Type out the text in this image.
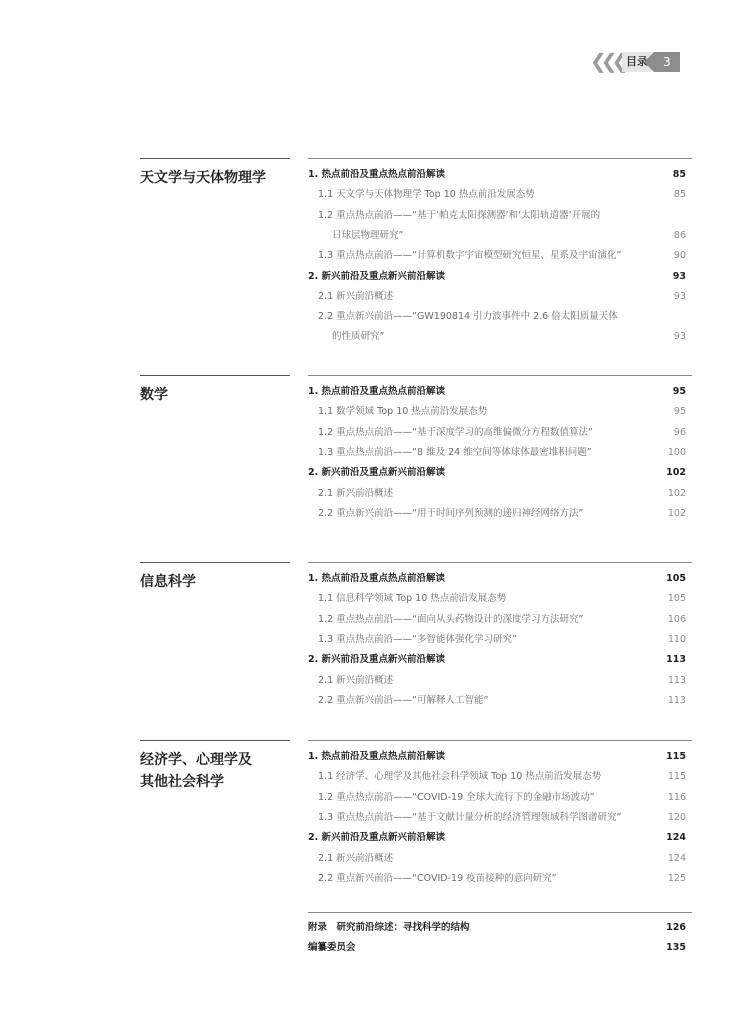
❮❮❮ 目录	3
天文学与天体物理学	1. 热点前沿及重点热点前沿解读	85
1.1 天文学与天体物理学 Top 10 热点前沿发展态势	85
1.2 重点热点前沿——“基于‘帕克太阳探测器’和‘太阳轨道器’开展的
日球层物理研究”	86
1.3 重点热点前沿——“计算机数字宇宙模型研究恒星、星系及宇宙演化”	90
2. 新兴前沿及重点新兴前沿解读	93
2.1 新兴前沿概述	93
2.2 重点新兴前沿——“GW190814 引力波事件中 2.6 倍太阳质量天体
的性质研究”	93
数学	1. 热点前沿及重点热点前沿解读	95
1.1 数学领域 Top 10 热点前沿发展态势	95
1.2 重点热点前沿——“基于深度学习的高维偏微分方程数值算法”	96
1.3 重点热点前沿——“8 维及 24 维空间等体球体最密堆积问题”	100
2. 新兴前沿及重点新兴前沿解读	102
2.1 新兴前沿概述	102
2.2 重点新兴前沿——“用于时间序列预测的递归神经网络方法”	102
信息科学	1. 热点前沿及重点热点前沿解读	105
1.1 信息科学领域 Top 10 热点前沿发展态势	105
1.2 重点热点前沿——“面向从头药物设计的深度学习方法研究”	106
1.3 重点热点前沿——“多智能体强化学习研究”	110
2. 新兴前沿及重点新兴前沿解读	113
2.1 新兴前沿概述	113
2.2 重点新兴前沿——“可解释人工智能”	113
经济学、心理学及
其他社会科学
1. 热点前沿及重点热点前沿解读	115
1.1 经济学、心理学及其他社会科学领域 Top 10 热点前沿发展态势	115
1.2 重点热点前沿——“COVID-19 全球大流行下的金融市场波动”	116
1.3 重点热点前沿——“基于文献计量分析的经济管理领域科学图谱研究”	120
2. 新兴前沿及重点新兴前沿解读	124
2.1 新兴前沿概述	124
2.2 重点新兴前沿——“COVID-19 疫苗接种的意向研究”	125
附录　研究前沿综述：寻找科学的结构	126
编纂委员会	135
